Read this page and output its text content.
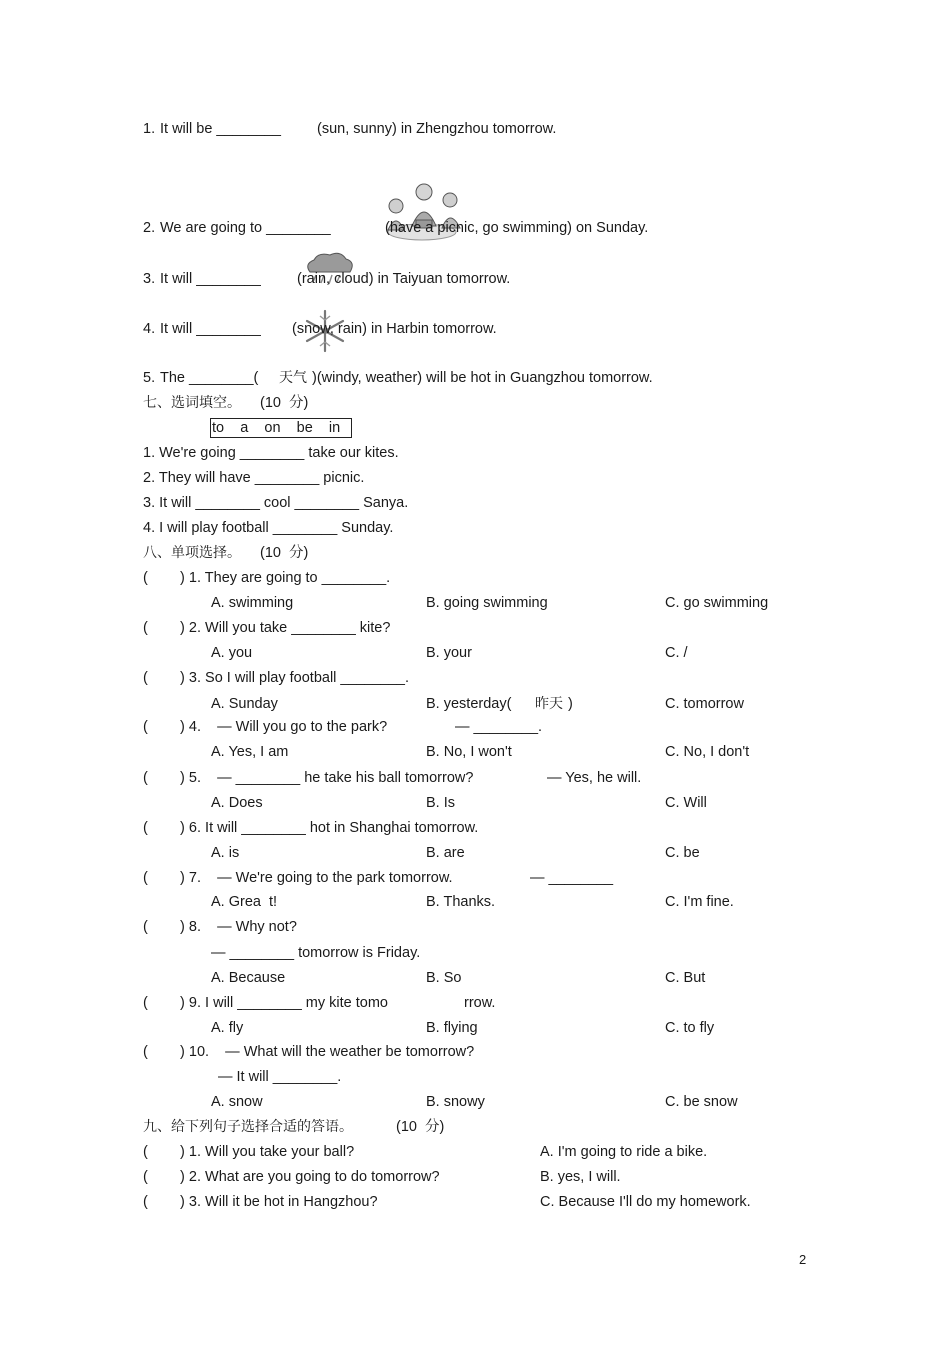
1. It will be ________ (sun, sunny) in Zhengzhou tomorrow.
2. We are going to ________	(have a picnic, go swimming) on Sunday.
3. It will ________ (rain, cloud) in Taiyuan tomorrow.
4. It will ________ (snow, rain) in Harbin tomorrow.
5. The ________( 天气 )(windy, weather) will be hot in Guangzhou tomorrow.
七、选词填空。 (10  分)
to    a    on    be    in
1. We're going ________ take our kites.
2. They will have ________ picnic.
3. It will ________ cool ________ Sanya.
4. I will play football ________ Sunday.
八、单项选择。 (10  分)
(        ) 1. They are going to ________.
A. swimming	B. going swimming	C. go swimming
(        ) 2. Will you take ________ kite?
A. you	B. your	C. /
(        ) 3. So I will play football ________.
A. Sunday	B. yesterday( 昨天 )	C. tomorrow
(        ) 4.    — Will you go to the park?	— ________.
A. Yes, I am	B. No, I won't	C. No, I don't
(        ) 5.    — ________ he take his ball tomorrow?	— Yes, he will.
A. Does	B. Is	C. Will
(        ) 6. It will ________ hot in Shanghai tomorrow.
A. is	B. are	C. be
(        ) 7.    — We're going to the park tomorrow.	— ________
A. Grea  t!	B. Thanks.	C. I'm fine.
(        ) 8.    — Why not?
— ________ tomorrow is Friday.
A. Because	B. So	C. But
(        ) 9. I will ________ my kite tomo	rrow.
A. fly	B. flying	C. to fly
(        ) 10.    — What will the weather be tomorrow?
— It will ________.
A. snow	B. snowy	C. be snow
九、给下列句子选择合适的答语。	(10  分)
(        ) 1. Will you take your ball?	A. I'm going to ride a bike.
(        ) 2. What are you going to do tomorrow?	B. yes, I will.
(        ) 3. Will it be hot in Hangzhou?	C. Because I'll do my homework.
2
